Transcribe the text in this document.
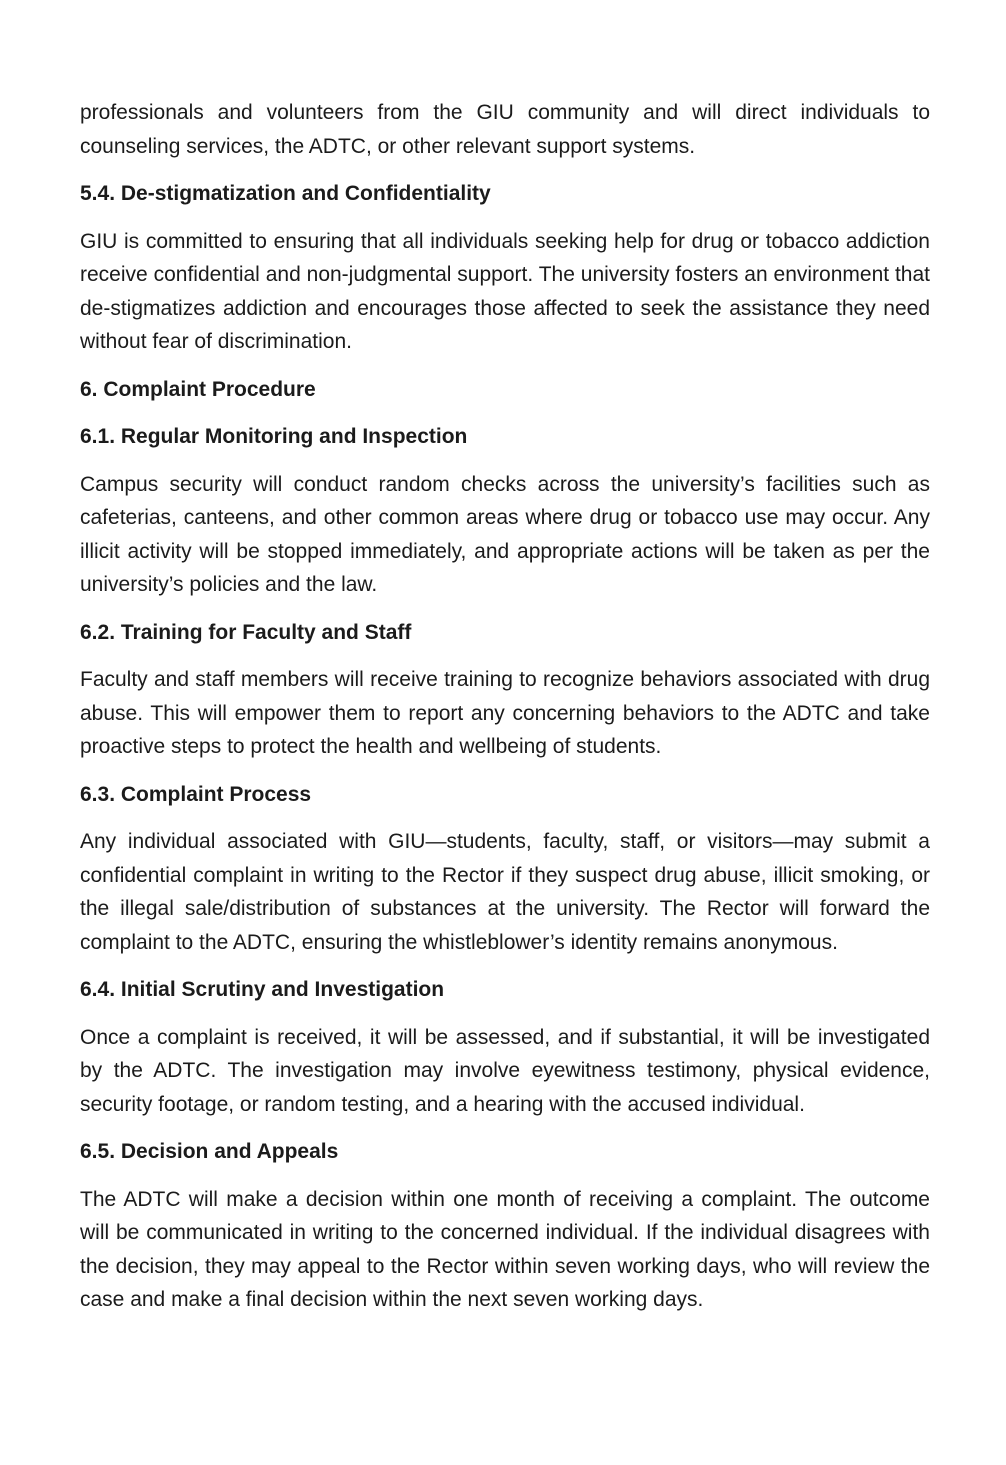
professionals and volunteers from the GIU community and will direct individuals to counseling services, the ADTC, or other relevant support systems.

5.4. De-stigmatization and Confidentiality

GIU is committed to ensuring that all individuals seeking help for drug or tobacco addiction receive confidential and non-judgmental support. The university fosters an environment that de-stigmatizes addiction and encourages those affected to seek the assistance they need without fear of discrimination.

6. Complaint Procedure

6.1. Regular Monitoring and Inspection

Campus security will conduct random checks across the university’s facilities such as cafeterias, canteens, and other common areas where drug or tobacco use may occur. Any illicit activity will be stopped immediately, and appropriate actions will be taken as per the university’s policies and the law.

6.2. Training for Faculty and Staff

Faculty and staff members will receive training to recognize behaviors associated with drug abuse. This will empower them to report any concerning behaviors to the ADTC and take proactive steps to protect the health and wellbeing of students.

6.3. Complaint Process

Any individual associated with GIU—students, faculty, staff, or visitors—may submit a confidential complaint in writing to the Rector if they suspect drug abuse, illicit smoking, or the illegal sale/distribution of substances at the university. The Rector will forward the complaint to the ADTC, ensuring the whistleblower’s identity remains anonymous.

6.4. Initial Scrutiny and Investigation

Once a complaint is received, it will be assessed, and if substantial, it will be investigated by the ADTC. The investigation may involve eyewitness testimony, physical evidence, security footage, or random testing, and a hearing with the accused individual.

6.5. Decision and Appeals

The ADTC will make a decision within one month of receiving a complaint. The outcome will be communicated in writing to the concerned individual. If the individual disagrees with the decision, they may appeal to the Rector within seven working days, who will review the case and make a final decision within the next seven working days.
